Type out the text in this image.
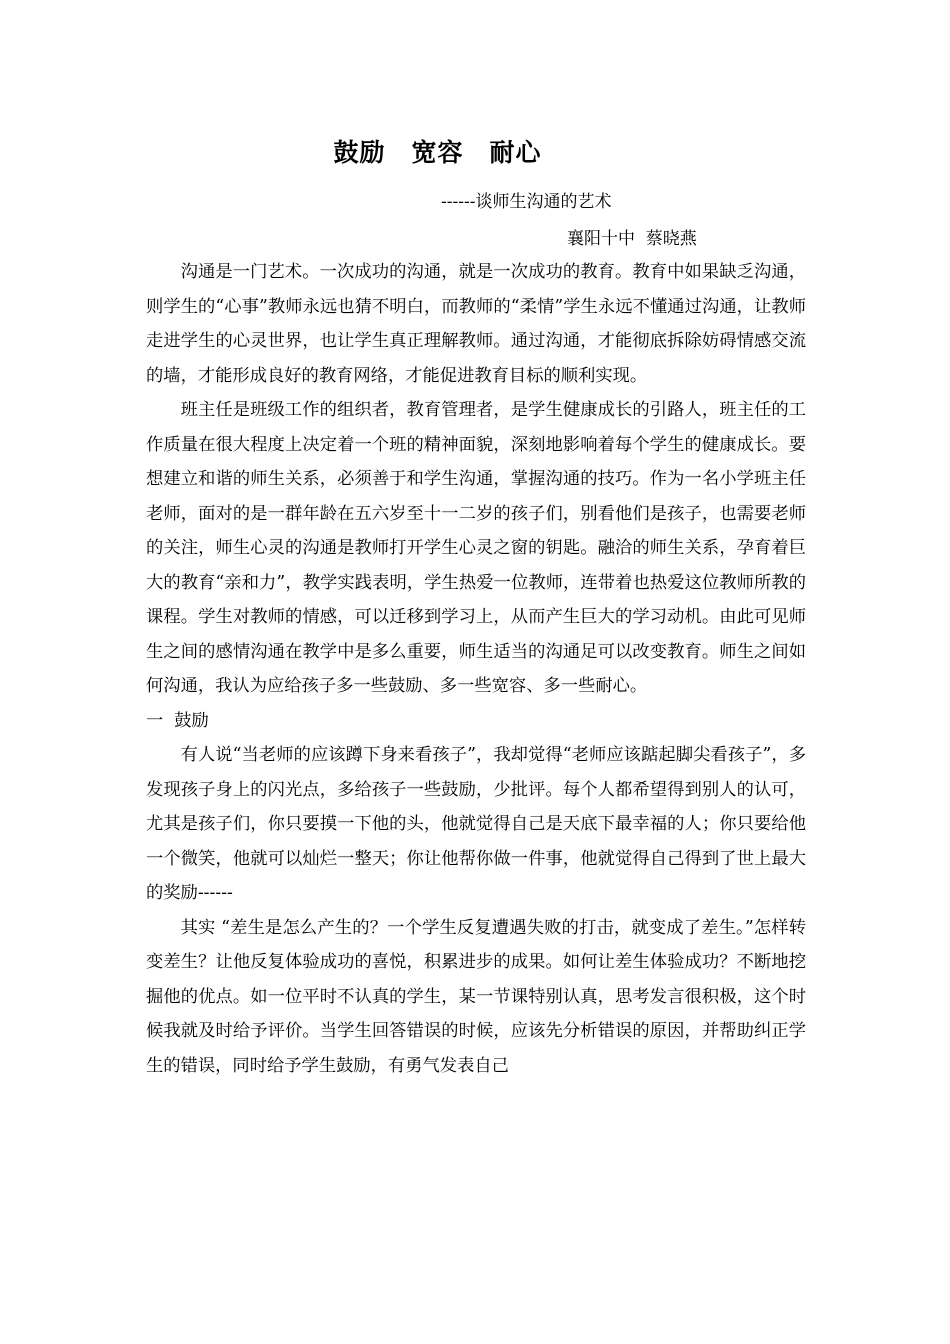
鼓励　宽容　耐心
------谈师生沟通的艺术
襄阳十中  蔡晓燕

沟通是一门艺术。一次成功的沟通，就是一次成功的教育。教育中如果缺乏沟通，则学生的“心事”教师永远也猜不明白，而教师的“柔情”学生永远不懂通过沟通，让教师走进学生的心灵世界，也让学生真正理解教师。通过沟通，才能彻底拆除妨碍情感交流的墙，才能形成良好的教育网络，才能促进教育目标的顺利实现。

班主任是班级工作的组织者，教育管理者，是学生健康成长的引路人，班主任的工作质量在很大程度上决定着一个班的精神面貌，深刻地影响着每个学生的健康成长。要想建立和谐的师生关系，必须善于和学生沟通，掌握沟通的技巧。作为一名小学班主任老师，面对的是一群年龄在五六岁至十一二岁的孩子们，别看他们是孩子，也需要老师的关注，师生心灵的沟通是教师打开学生心灵之窗的钥匙。融洽的师生关系，孕育着巨大的教育“亲和力”，教学实践表明，学生热爱一位教师，连带着也热爱这位教师所教的课程。学生对教师的情感，可以迁移到学习上，从而产生巨大的学习动机。由此可见师生之间的感情沟通在教学中是多么重要，师生适当的沟通足可以改变教育。师生之间如何沟通，我认为应给孩子多一些鼓励、多一些宽容、多一些耐心。

一  鼓励

有人说“当老师的应该蹲下身来看孩子”，我却觉得“老师应该踮起脚尖看孩子”，多发现孩子身上的闪光点，多给孩子一些鼓励，少批评。每个人都希望得到别人的认可，尤其是孩子们，你只要摸一下他的头，他就觉得自己是天底下最幸福的人；你只要给他一个微笑，他就可以灿烂一整天；你让他帮你做一件事，他就觉得自己得到了世上最大的奖励------

其实 “差生是怎么产生的？一个学生反复遭遇失败的打击，就变成了差生。”怎样转变差生？让他反复体验成功的喜悦，积累进步的成果。如何让差生体验成功？不断地挖掘他的优点。如一位平时不认真的学生，某一节课特别认真，思考发言很积极，这个时候我就及时给予评价。当学生回答错误的时候，应该先分析错误的原因，并帮助纠正学生的错误，同时给予学生鼓励，有勇气发表自己
